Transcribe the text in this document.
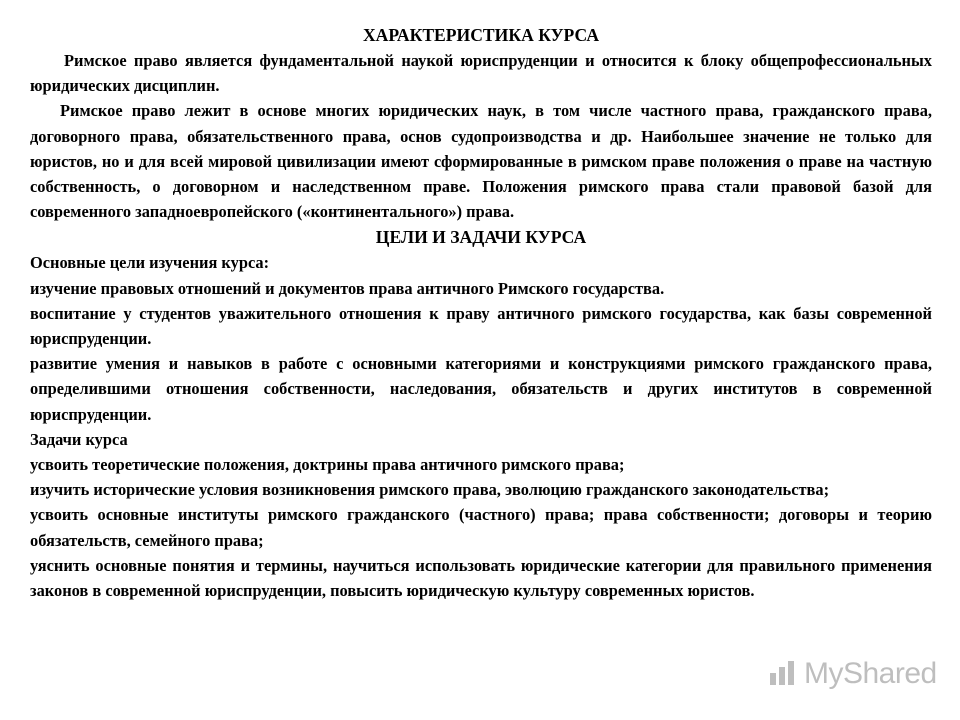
ХАРАКТЕРИСТИКА КУРСА

Римское право является фундаментальной наукой юриспруденции и относится к блоку общепрофессиональных юридических дисциплин.

Римское право лежит в основе многих юридических наук, в том числе частного права, гражданского права, договорного права, обязательственного права, основ судопроизводства и др. Наибольшее значение не только для юристов, но и для всей мировой цивилизации имеют сформированные в римском праве положения о праве на частную собственность, о договорном и наследственном праве. Положения римского права стали правовой базой для современного западноевропейского («континентального») права.

ЦЕЛИ И ЗАДАЧИ КУРСА

Основные цели изучения курса:

изучение правовых отношений и документов права античного Римского государства.

воспитание у студентов уважительного отношения к праву античного римского государства, как базы современной юриспруденции.

развитие умения и навыков в работе с основными категориями и конструкциями римского гражданского права, определившими отношения собственности, наследования, обязательств и других институтов в современной юриспруденции.

Задачи курса

усвоить теоретические положения, доктрины права античного римского права;

изучить исторические условия возникновения римского права, эволюцию гражданского законодательства;

усвоить основные институты римского гражданского (частного) права; права собственности; договоры и теорию обязательств, семейного права;

уяснить основные понятия и термины, научиться использовать юридические категории для правильного применения законов в современной юриспруденции, повысить юридическую культуру современных юристов.

MyShared
